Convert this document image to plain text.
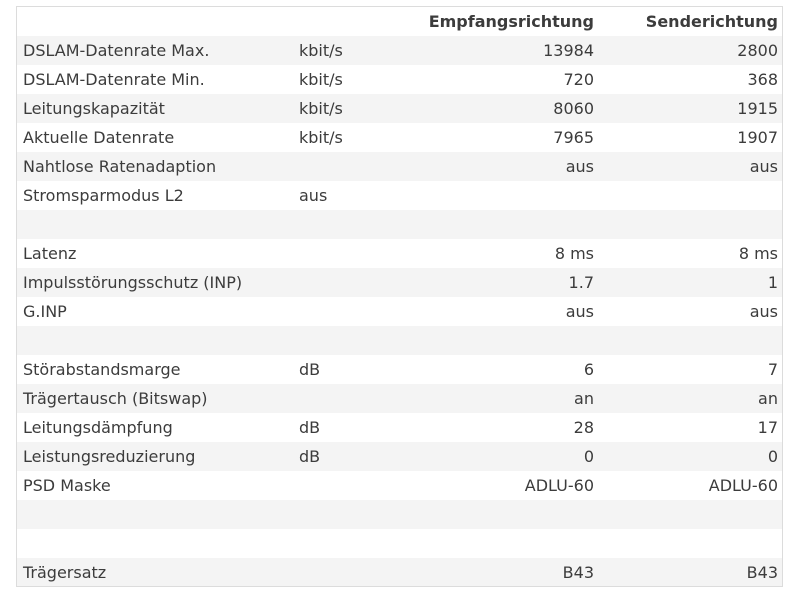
		Empfangsrichtung	Senderichtung
DSLAM-Datenrate Max.	kbit/s	13984	2800
DSLAM-Datenrate Min.	kbit/s	720	368
Leitungskapazität	kbit/s	8060	1915
Aktuelle Datenrate	kbit/s	7965	1907
Nahtlose Ratenadaption		aus	aus
Stromsparmodus L2	aus		

Latenz		8 ms	8 ms
Impulsstörungsschutz (INP)		1.7	1
G.INP		aus	aus

Störabstandsmarge	dB	6	7
Trägertausch (Bitswap)		an	an
Leitungsdämpfung	dB	28	17
Leistungsreduzierung	dB	0	0
PSD Maske		ADLU-60	ADLU-60

Trägersatz		B43	B43
